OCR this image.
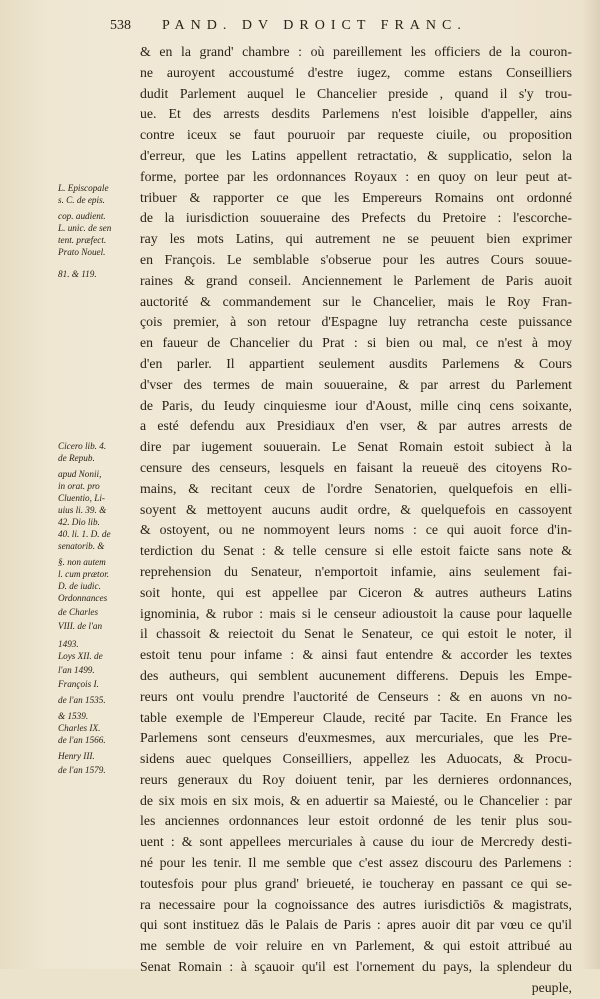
538 PAND. DV DROICT FRANC.
L. Episcopale
s. C. de epis.
cop. audient.
L. unic. de sen
tent. præfect.
Prato Nouel.
81. & 119.
Cicero lib. 4.
de Repub.
apud Nonii,
in orat. pro
Cluentio, Li-
uius li. 39. &
42. Dio lib.
40. li. 1. D. de
senatorib. &
§. non autem
l. cum prætor.
D. de iudic.
Ordonnances
de Charles
VIII. de l'an
1493.
Loys XII. de
l'an 1499.
François I.
de l'an 1535.
& 1539.
Charles IX.
de l'an 1566.
Henry III.
de l'an 1579.
& en la grand' chambre : où pareillement les officiers de la couron-
ne auroyent accoustumé d'estre iugez, comme estans Conseilliers
dudit Parlement auquel le Chancelier preside , quand il s'y trou-
ue. Et des arrests desdits Parlemens n'est loisible d'appeller, ains
contre iceux se faut pouruoir par requeste ciuile, ou proposition
d'erreur, que les Latins appellent retractatio, & supplicatio, selon la
forme, portee par les ordonnances Royaux : en quoy on leur peut at-
tribuer & rapporter ce que les Empereurs Romains ont ordonné
de la iurisdiction souueraine des Prefects du Pretoire : l'escorche-
ray les mots Latins, qui autrement ne se peuuent bien exprimer
en François. Le semblable s'obserue pour les autres Cours souue-
raines & grand conseil. Anciennement le Parlement de Paris auoit
auctorité & commandement sur le Chancelier, mais le Roy Fran-
çois premier, à son retour d'Espagne luy retrancha ceste puissance
en faueur de Chancelier du Prat : si bien ou mal, ce n'est à moy
d'en parler. Il appartient seulement ausdits Parlemens & Cours
d'vser des termes de main souueraine, & par arrest du Parlement
de Paris, du Ieudy cinquiesme iour d'Aoust, mille cinq cens soixante,
a esté defendu aux Presidiaux d'en vser, & par autres arrests de
dire par iugement souuerain. Le Senat Romain estoit subiect à la
censure des censeurs, lesquels en faisant la reueuë des citoyens Ro-
mains, & recitant ceux de l'ordre Senatorien, quelquefois en elli-
soyent & mettoyent aucuns audit ordre, & quelquefois en cassoyent
& ostoyent, ou ne nommoyent leurs noms : ce qui auoit force d'in-
terdiction du Senat : & telle censure si elle estoit faicte sans note &
reprehension du Senateur, n'emportoit infamie, ains seulement fai-
soit honte, qui est appellee par Ciceron & autres autheurs Latins
ignominia, & rubor : mais si le censeur adioustoit la cause pour laquelle
il chassoit & reiectoit du Senat le Senateur, ce qui estoit le noter, il
estoit tenu pour infame : & ainsi faut entendre & accorder les textes
des autheurs, qui semblent aucunement differens. Depuis les Empe-
reurs ont voulu prendre l'auctorité de Censeurs : & en auons vn no-
table exemple de l'Empereur Claude, recité par Tacite. En France les
Parlemens sont censeurs d'euxmesmes, aux mercuriales, que les Pre-
sidens auec quelques Conseilliers, appellez les Aduocats, & Procu-
reurs generaux du Roy doiuent tenir, par les dernieres ordonnances,
de six mois en six mois, & en aduertir sa Maiesté, ou le Chancelier : par
les anciennes ordonnances leur estoit ordonné de les tenir plus sou-
uent : & sont appellees mercuriales à cause du iour de Mercredy desti-
né pour les tenir. Il me semble que c'est assez discouru des Parlemens :
toutesfois pour plus grand' brieueté, ie toucheray en passant ce qui se-
ra necessaire pour la cognoissance des autres iurisdictiōs & magistrats,
qui sont instituez dās le Palais de Paris : apres auoir dit par vœu ce qu'il
me semble de voir reluire en vn Parlement, & qui estoit attribué au
Senat Romain : à sçauoir qu'il est l'ornement du pays, la splendeur du
peuple,
